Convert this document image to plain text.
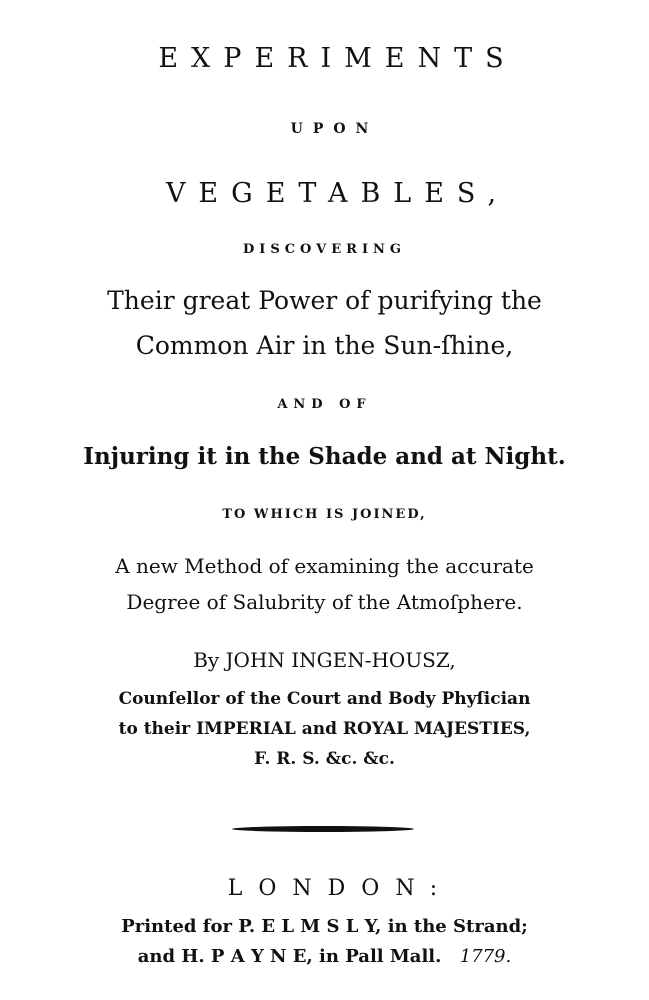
EXPERIMENTS
UPON
VEGETABLES,
DISCOVERING
Their great Power of purifying the
Common Air in the Sun-ſhine,
AND OF
Injuring it in the Shade and at Night.
TO WHICH IS JOINED,
A new Method of examining the accurate
Degree of Salubrity of the Atmoſphere.
By JOHN INGEN-HOUSZ,
Counſellor of the Court and Body Phyſician
to their IMPERIAL and ROYAL MAJESTIES,
F. R. S. &c. &c.
LONDON:
Printed for P. E L M S L Y, in the Strand;
and H. P A Y N E, in Pall Mall. 1779.
